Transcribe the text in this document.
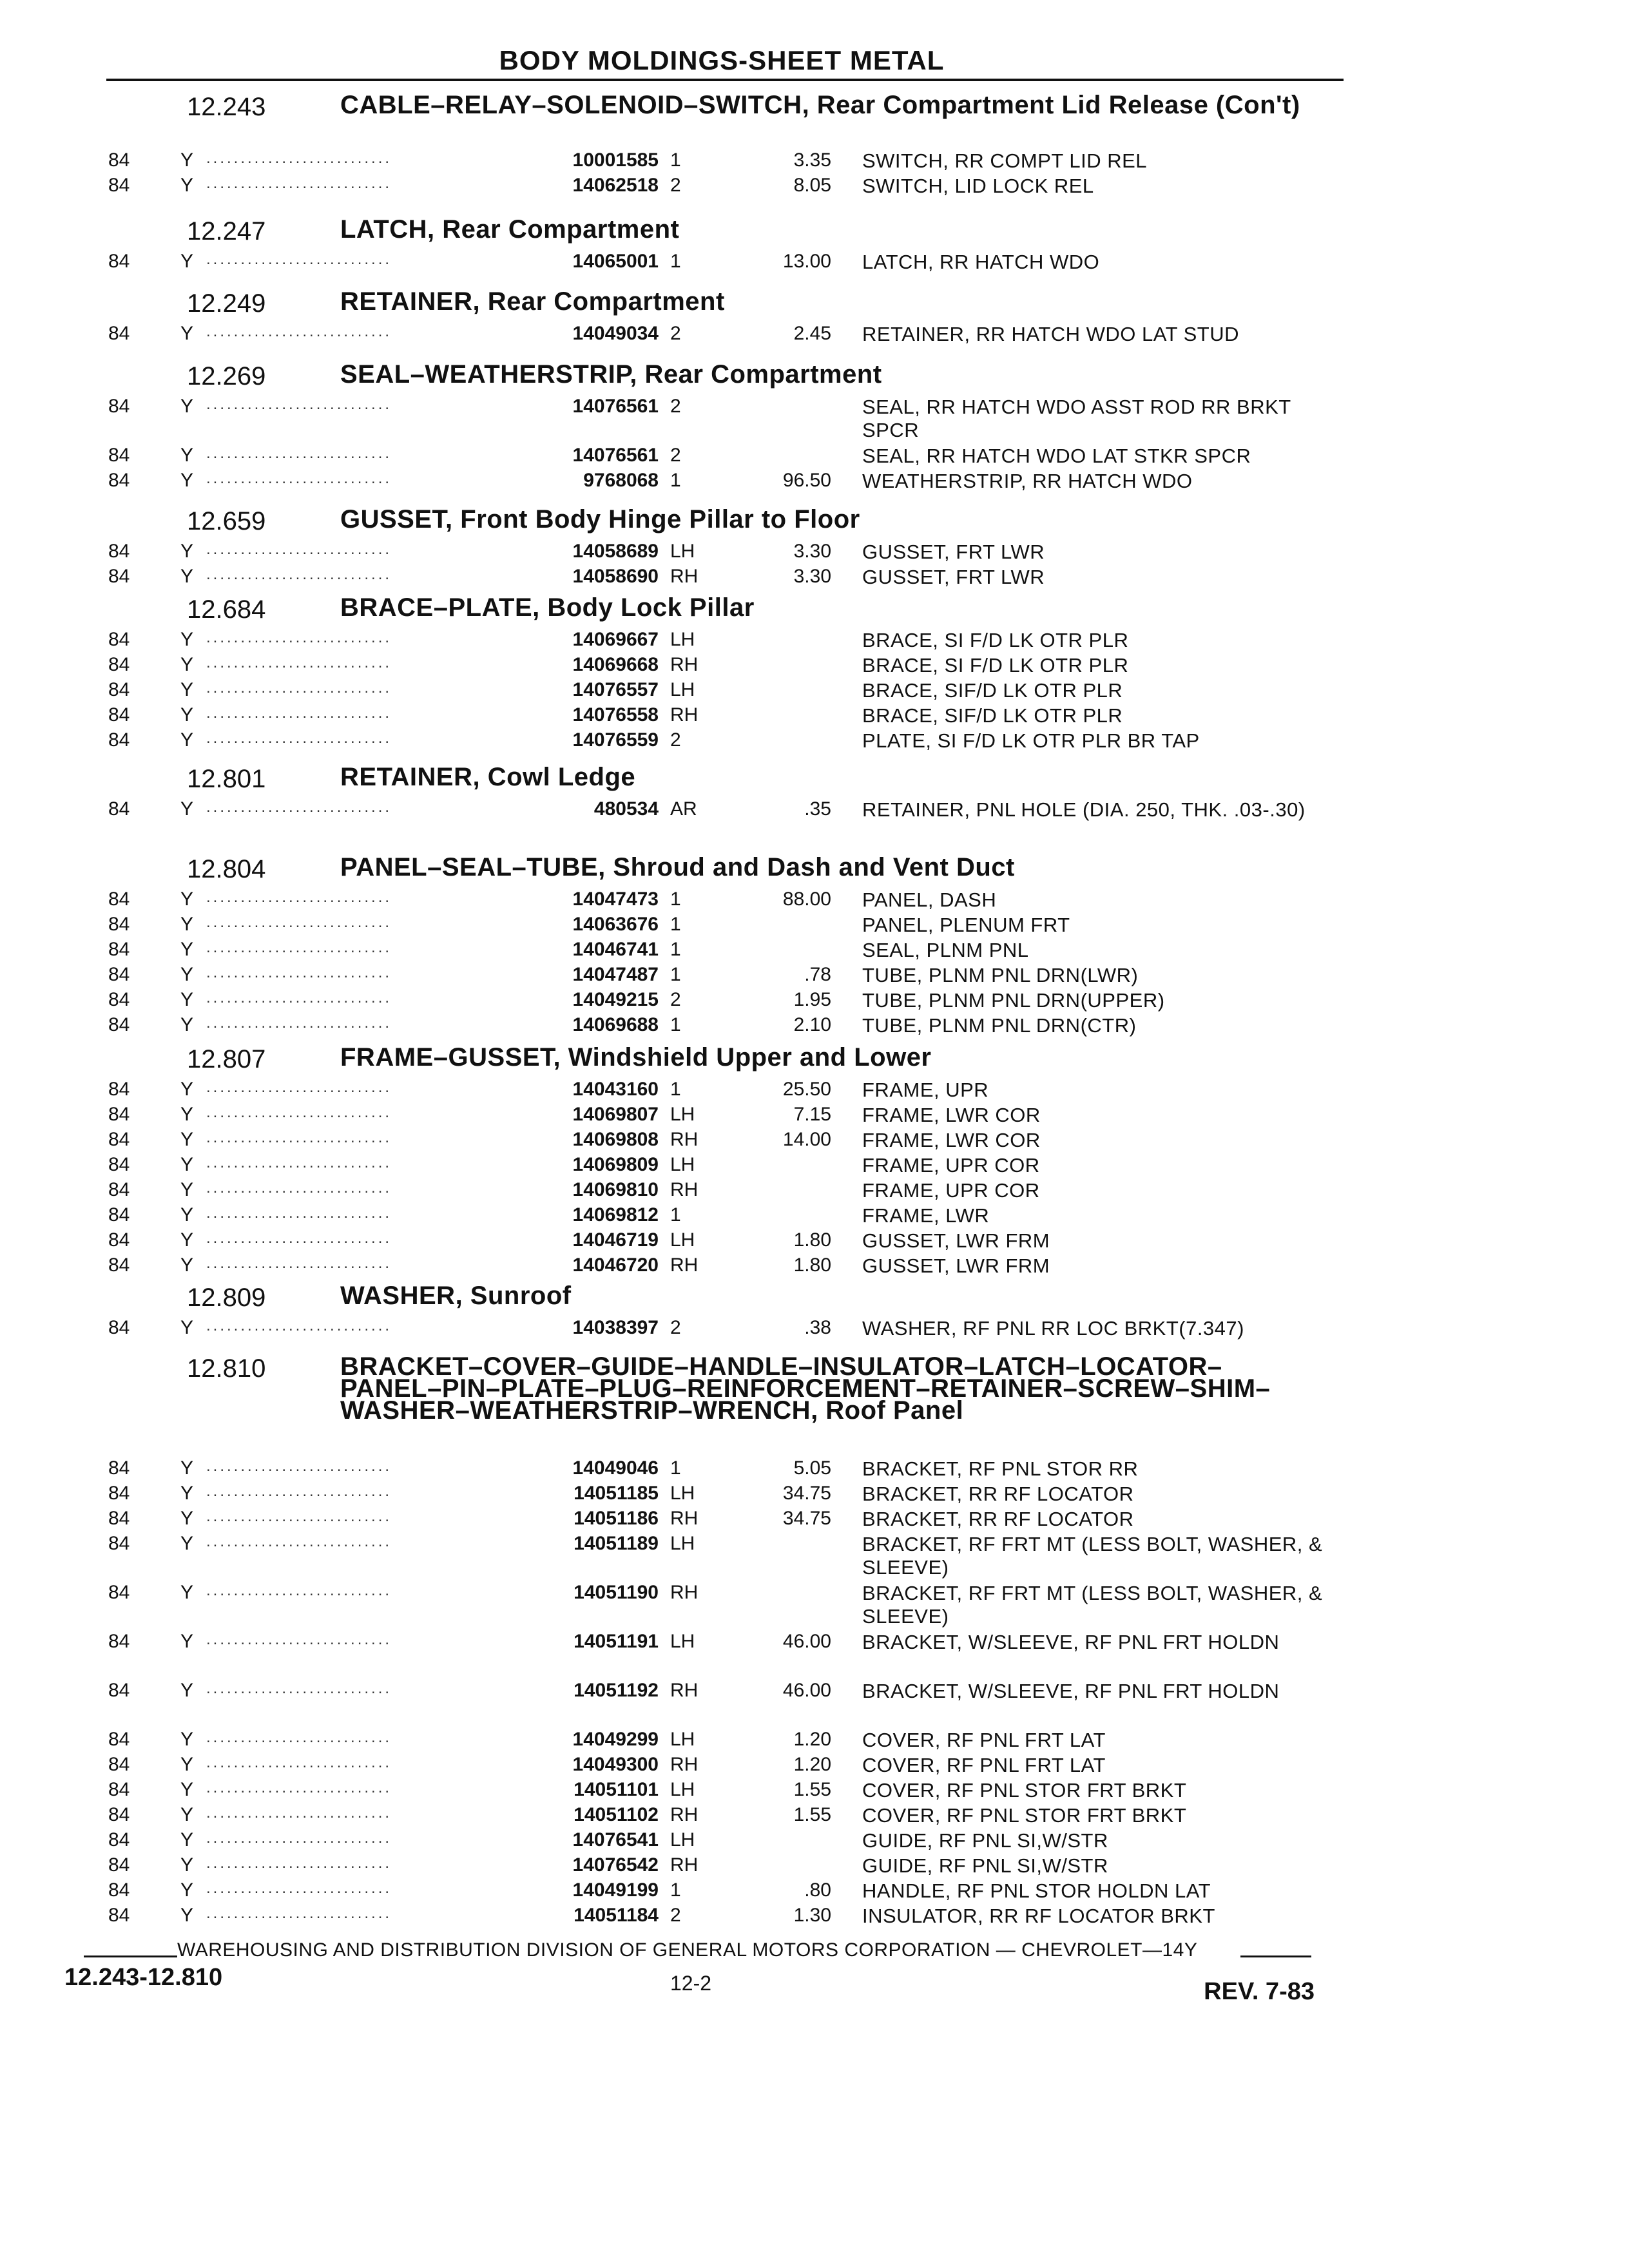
BODY MOLDINGS-SHEET METAL
12.243	CABLE–RELAY–SOLENOID–SWITCH, Rear Compartment Lid Release (Con't)
84	Y ...........................	10001585 1	3.35 SWITCH, RR COMPT LID REL
84	Y ...........................	14062518 2	8.05 SWITCH, LID LOCK REL
12.247	LATCH, Rear Compartment
84	Y ...........................	14065001 1	13.00 LATCH, RR HATCH WDO
12.249	RETAINER, Rear Compartment
84	Y ...........................	14049034 2	2.45 RETAINER, RR HATCH WDO LAT STUD
12.269	SEAL–WEATHERSTRIP, Rear Compartment
84	Y ...........................	14076561 2	SEAL, RR HATCH WDO ASST ROD RR BRKT SPCR
84	Y ...........................	14076561 2	SEAL, RR HATCH WDO LAT STKR SPCR
84	Y ...........................	9768068 1	96.50 WEATHERSTRIP, RR HATCH WDO
12.659	GUSSET, Front Body Hinge Pillar to Floor
84	Y ...........................	14058689 LH	3.30 GUSSET, FRT LWR
84	Y ...........................	14058690 RH	3.30 GUSSET, FRT LWR
12.684	BRACE–PLATE, Body Lock Pillar
84	Y ...........................	14069667 LH	BRACE, SI F/D LK OTR PLR
84	Y ...........................	14069668 RH	BRACE, SI F/D LK OTR PLR
84	Y ...........................	14076557 LH	BRACE, SIF/D LK OTR PLR
84	Y ...........................	14076558 RH	BRACE, SIF/D LK OTR PLR
84	Y ...........................	14076559 2	PLATE, SI F/D LK OTR PLR BR TAP
12.801	RETAINER, Cowl Ledge
84	Y ...........................	480534 AR	.35 RETAINER, PNL HOLE (DIA. 250, THK. .03-.30)
12.804	PANEL–SEAL–TUBE, Shroud and Dash and Vent Duct
84	Y ...........................	14047473 1	88.00 PANEL, DASH
84	Y ...........................	14063676 1	PANEL, PLENUM FRT
84	Y ...........................	14046741 1	SEAL, PLNM PNL
84	Y ...........................	14047487 1	.78 TUBE, PLNM PNL DRN(LWR)
84	Y ...........................	14049215 2	1.95 TUBE, PLNM PNL DRN(UPPER)
84	Y ...........................	14069688 1	2.10 TUBE, PLNM PNL DRN(CTR)
12.807	FRAME–GUSSET, Windshield Upper and Lower
84	Y ...........................	14043160 1	25.50 FRAME, UPR
84	Y ...........................	14069807 LH	7.15 FRAME, LWR COR
84	Y ...........................	14069808 RH	14.00 FRAME, LWR COR
84	Y ...........................	14069809 LH	FRAME, UPR COR
84	Y ...........................	14069810 RH	FRAME, UPR COR
84	Y ...........................	14069812 1	FRAME, LWR
84	Y ...........................	14046719 LH	1.80 GUSSET, LWR FRM
84	Y ...........................	14046720 RH	1.80 GUSSET, LWR FRM
12.809	WASHER, Sunroof
84	Y ...........................	14038397 2	.38 WASHER, RF PNL RR LOC BRKT(7.347)
12.810	BRACKET–COVER–GUIDE–HANDLE–INSULATOR–LATCH–LOCATOR–PANEL–PIN–PLATE–PLUG–REINFORCEMENT–RETAINER–SCREW–SHIM–WASHER–WEATHERSTRIP–WRENCH, Roof Panel
84	Y ...........................	14049046 1	5.05 BRACKET, RF PNL STOR RR
84	Y ...........................	14051185 LH	34.75 BRACKET, RR RF LOCATOR
84	Y ...........................	14051186 RH	34.75 BRACKET, RR RF LOCATOR
84	Y ...........................	14051189 LH	BRACKET, RF FRT MT (LESS BOLT, WASHER, & SLEEVE)
84	Y ...........................	14051190 RH	BRACKET, RF FRT MT (LESS BOLT, WASHER, & SLEEVE)
84	Y ...........................	14051191 LH	46.00 BRACKET, W/SLEEVE, RF PNL FRT HOLDN
84	Y ...........................	14051192 RH	46.00 BRACKET, W/SLEEVE, RF PNL FRT HOLDN
84	Y ...........................	14049299 LH	1.20 COVER, RF PNL FRT LAT
84	Y ...........................	14049300 RH	1.20 COVER, RF PNL FRT LAT
84	Y ...........................	14051101 LH	1.55 COVER, RF PNL STOR FRT BRKT
84	Y ...........................	14051102 RH	1.55 COVER, RF PNL STOR FRT BRKT
84	Y ...........................	14076541 LH	GUIDE, RF PNL SI,W/STR
84	Y ...........................	14076542 RH	GUIDE, RF PNL SI,W/STR
84	Y ...........................	14049199 1	.80 HANDLE, RF PNL STOR HOLDN LAT
84	Y ...........................	14051184 2	1.30 INSULATOR, RR RF LOCATOR BRKT
WAREHOUSING AND DISTRIBUTION DIVISION OF GENERAL MOTORS CORPORATION — CHEVROLET—14Y
12.243-12.810	12-2	REV. 7-83
